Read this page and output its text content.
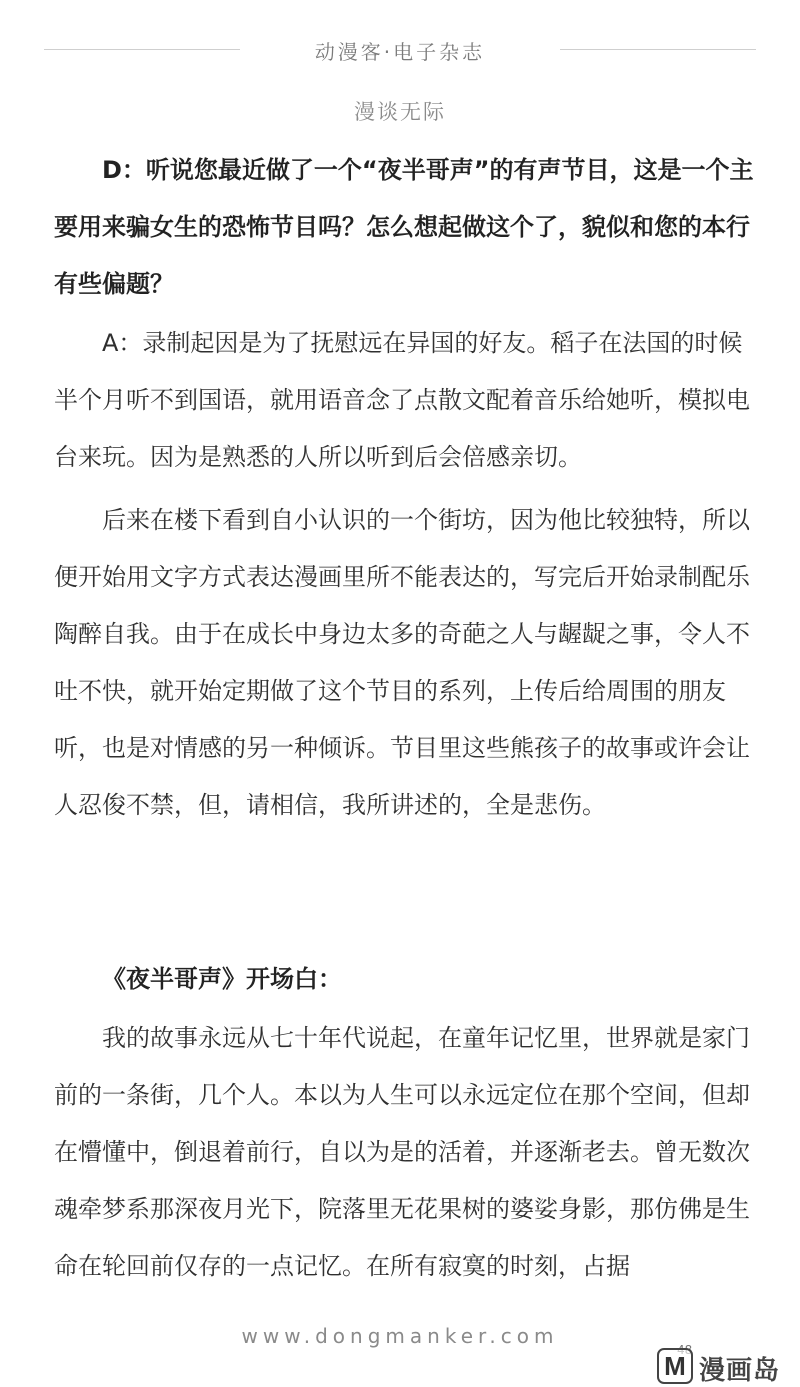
动漫客·电子杂志
漫谈无际

D：听说您最近做了一个“夜半哥声”的有声节目，这是一个主要用来骗女生的恐怖节目吗？怎么想起做这个了，貌似和您的本行有些偏题？

A：录制起因是为了抚慰远在异国的好友。稻子在法国的时候半个月听不到国语，就用语音念了点散文配着音乐给她听，模拟电台来玩。因为是熟悉的人所以听到后会倍感亲切。

后来在楼下看到自小认识的一个街坊，因为他比较独特，所以便开始用文字方式表达漫画里所不能表达的，写完后开始录制配乐陶醉自我。由于在成长中身边太多的奇葩之人与龌龊之事，令人不吐不快，就开始定期做了这个节目的系列，上传后给周围的朋友听，也是对情感的另一种倾诉。节目里这些熊孩子的故事或许会让人忍俊不禁，但，请相信，我所讲述的，全是悲伤。

《夜半哥声》开场白：

我的故事永远从七十年代说起，在童年记忆里，世界就是家门前的一条街，几个人。本以为人生可以永远定位在那个空间，但却在懵懂中，倒退着前行，自以为是的活着，并逐渐老去。曾无数次魂牵梦系那深夜月光下，院落里无花果树的婆娑身影，那仿佛是生命在轮回前仅存的一点记忆。在所有寂寞的时刻，占据

www.dongmanker.com
M 漫画岛
